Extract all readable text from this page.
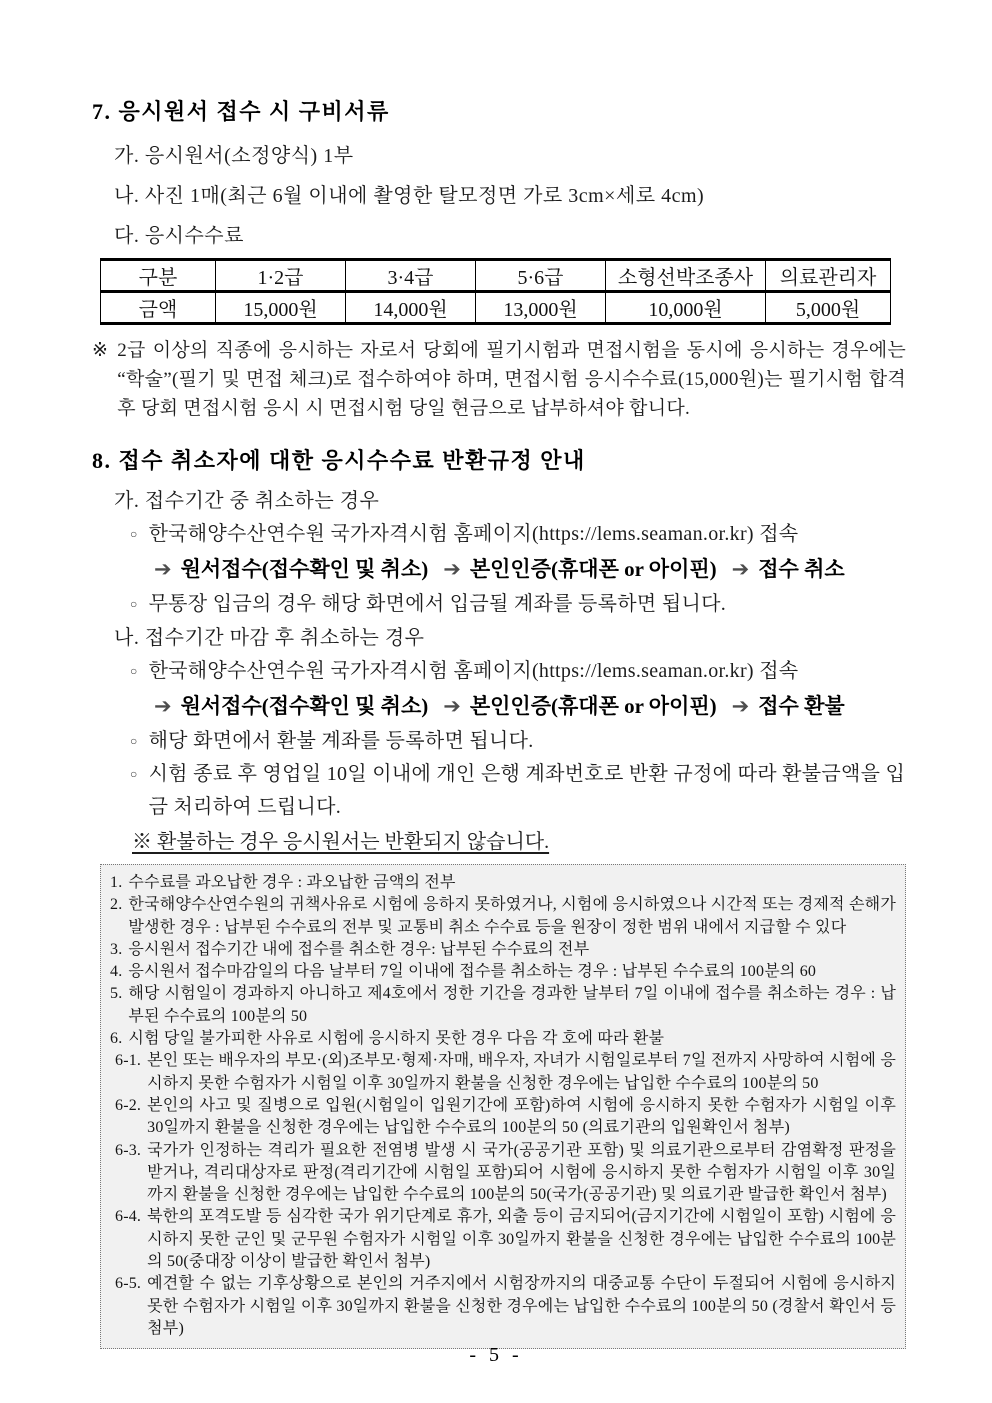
7. 응시원서 접수 시 구비서류
가. 응시원서(소정양식) 1부
나. 사진 1매(최근 6월 이내에 촬영한 탈모정면 가로 3cm×세로 4cm)
다. 응시수수료
구분	1·2급	3·4급	5·6급	소형선박조종사	의료관리자
금액	15,000원	14,000원	13,000원	10,000원	5,000원
※ 2급 이상의 직종에 응시하는 자로서 당회에 필기시험과 면접시험을 동시에 응시하는 경우에는 “학술”(필기 및 면접 체크)로 접수하여야 하며, 면접시험 응시수수료(15,000원)는 필기시험 합격 후 당회 면접시험 응시 시 면접시험 당일 현금으로 납부하셔야 합니다.
8. 접수 취소자에 대한 응시수수료 반환규정 안내
가. 접수기간 중 취소하는 경우
○ 한국해양수산연수원 국가자격시험 홈페이지(https://lems.seaman.or.kr) 접속
➔ 원서접수(접수확인 및 취소) ➔ 본인인증(휴대폰 or 아이핀) ➔ 접수 취소
○ 무통장 입금의 경우 해당 화면에서 입금될 계좌를 등록하면 됩니다.
나. 접수기간 마감 후 취소하는 경우
○ 한국해양수산연수원 국가자격시험 홈페이지(https://lems.seaman.or.kr) 접속
➔ 원서접수(접수확인 및 취소) ➔ 본인인증(휴대폰 or 아이핀) ➔ 접수 환불
○ 해당 화면에서 환불 계좌를 등록하면 됩니다.
○ 시험 종료 후 영업일 10일 이내에 개인 은행 계좌번호로 반환 규정에 따라 환불금액을 입금 처리하여 드립니다.
※ 환불하는 경우 응시원서는 반환되지 않습니다.
1. 수수료를 과오납한 경우 : 과오납한 금액의 전부
2. 한국해양수산연수원의 귀책사유로 시험에 응하지 못하였거나, 시험에 응시하였으나 시간적 또는 경제적 손해가 발생한 경우 : 납부된 수수료의 전부 및 교통비 취소 수수료 등을 원장이 정한 범위 내에서 지급할 수 있다
3. 응시원서 접수기간 내에 접수를 취소한 경우: 납부된 수수료의 전부
4. 응시원서 접수마감일의 다음 날부터 7일 이내에 접수를 취소하는 경우 : 납부된 수수료의 100분의 60
5. 해당 시험일이 경과하지 아니하고 제4호에서 정한 기간을 경과한 날부터 7일 이내에 접수를 취소하는 경우 : 납부된 수수료의 100분의 50
6. 시험 당일 불가피한 사유로 시험에 응시하지 못한 경우 다음 각 호에 따라 환불
6-1. 본인 또는 배우자의 부모·(외)조부모·형제·자매, 배우자, 자녀가 시험일로부터 7일 전까지 사망하여 시험에 응시하지 못한 수험자가 시험일 이후 30일까지 환불을 신청한 경우에는 납입한 수수료의 100분의 50
6-2. 본인의 사고 및 질병으로 입원(시험일이 입원기간에 포함)하여 시험에 응시하지 못한 수험자가 시험일 이후 30일까지 환불을 신청한 경우에는 납입한 수수료의 100분의 50 (의료기관의 입원확인서 첨부)
6-3. 국가가 인정하는 격리가 필요한 전염병 발생 시 국가(공공기관 포함) 및 의료기관으로부터 감염확정 판정을 받거나, 격리대상자로 판정(격리기간에 시험일 포함)되어 시험에 응시하지 못한 수험자가 시험일 이후 30일까지 환불을 신청한 경우에는 납입한 수수료의 100분의 50(국가(공공기관) 및 의료기관 발급한 확인서 첨부)
6-4. 북한의 포격도발 등 심각한 국가 위기단계로 휴가, 외출 등이 금지되어(금지기간에 시험일이 포함) 시험에 응시하지 못한 군인 및 군무원 수험자가 시험일 이후 30일까지 환불을 신청한 경우에는 납입한 수수료의 100분의 50(중대장 이상이 발급한 확인서 첨부)
6-5. 예견할 수 없는 기후상황으로 본인의 거주지에서 시험장까지의 대중교통 수단이 두절되어 시험에 응시하지 못한 수험자가 시험일 이후 30일까지 환불을 신청한 경우에는 납입한 수수료의 100분의 50 (경찰서 확인서 등 첨부)
- 5 -
